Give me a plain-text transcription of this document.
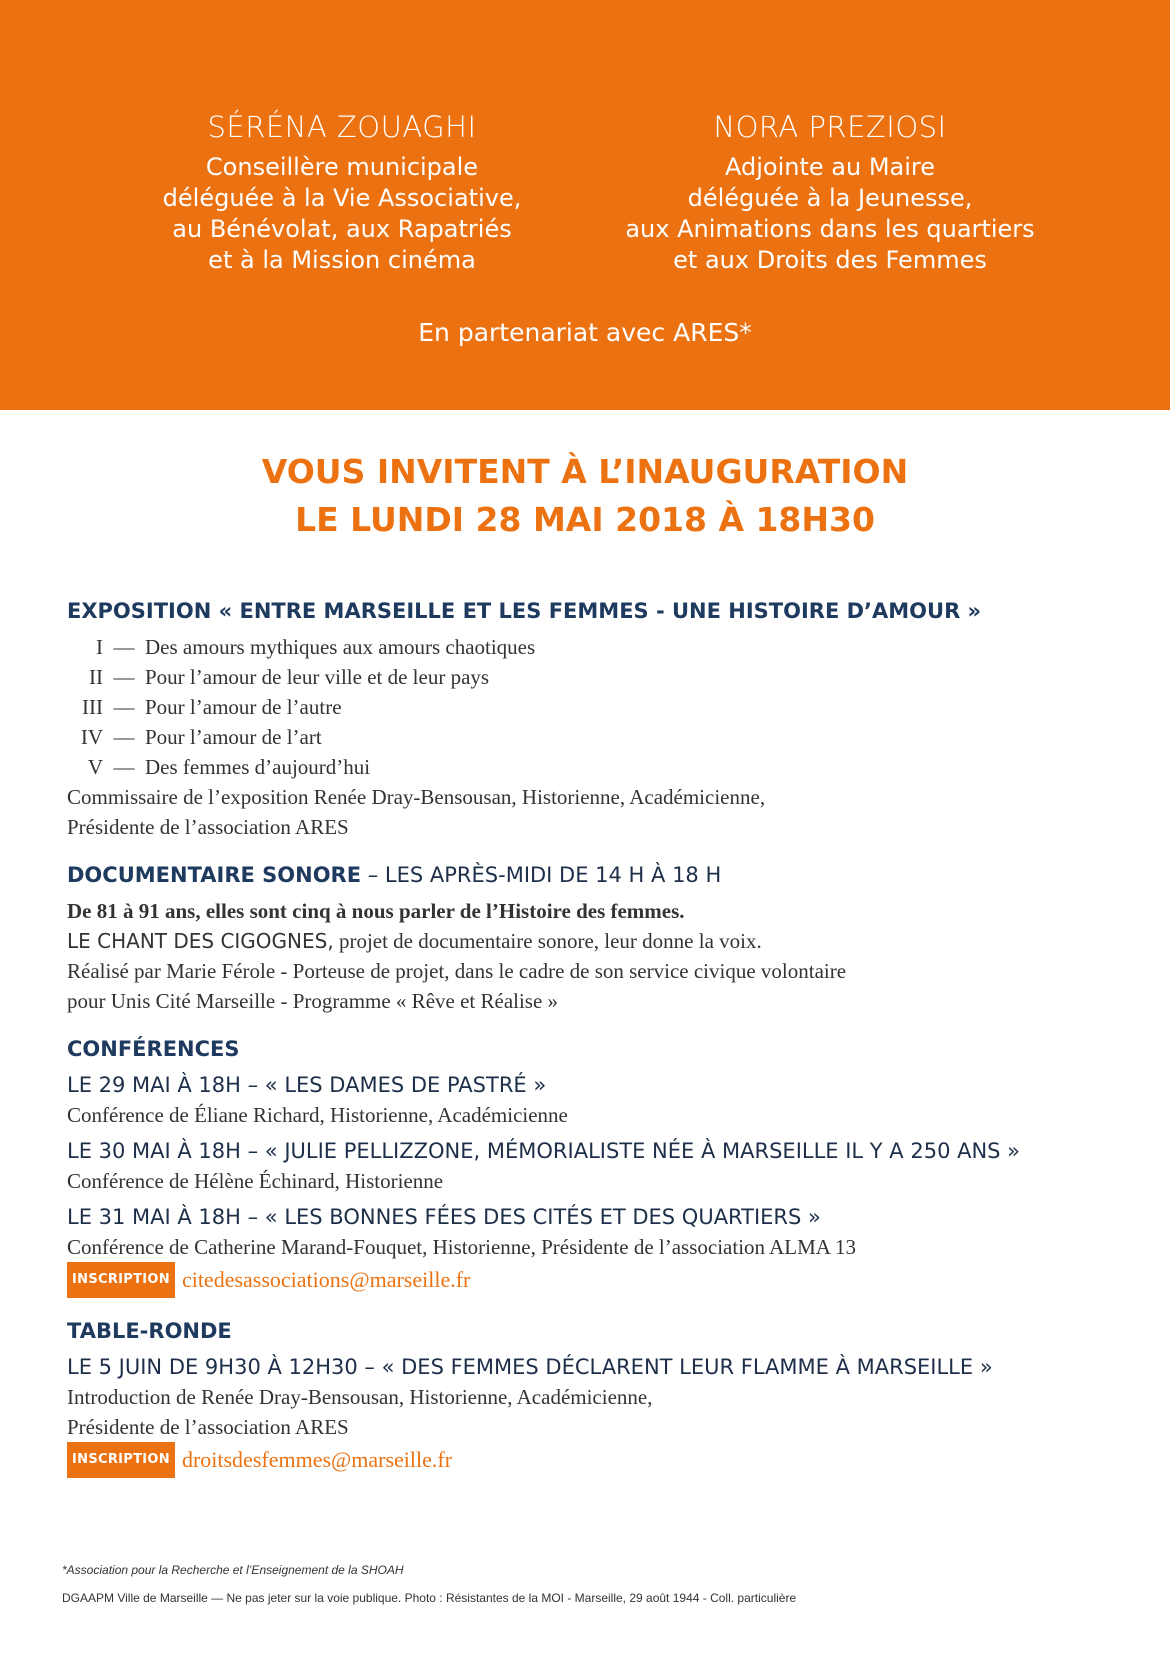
SÉRÉNA ZOUAGHI
Conseillère municipale
déléguée à la Vie Associative,
au Bénévolat, aux Rapatriés
et à la Mission cinéma
NORA PREZIOSI
Adjointe au Maire
déléguée à la Jeunesse,
aux Animations dans les quartiers
et aux Droits des Femmes
En partenariat avec ARES*
VOUS INVITENT À L’INAUGURATION
LE LUNDI 28 MAI 2018 À 18H30
EXPOSITION « ENTRE MARSEILLE ET LES FEMMES - UNE HISTOIRE D’AMOUR »
I — Des amours mythiques aux amours chaotiques
II — Pour l’amour de leur ville et de leur pays
III — Pour l’amour de l’autre
IV — Pour l’amour de l’art
V — Des femmes d’aujourd’hui
Commissaire de l’exposition Renée Dray-Bensousan, Historienne, Académicienne,
Présidente de l’association ARES
DOCUMENTAIRE SONORE – LES APRÈS-MIDI DE 14 H À 18 H
De 81 à 91 ans, elles sont cinq à nous parler de l’Histoire des femmes.
LE CHANT DES CIGOGNES, projet de documentaire sonore, leur donne la voix.
Réalisé par Marie Férole - Porteuse de projet, dans le cadre de son service civique volontaire
pour Unis Cité Marseille - Programme « Rêve et Réalise »
CONFÉRENCES
LE 29 MAI À 18H – « LES DAMES DE PASTRÉ »
Conférence de Éliane Richard, Historienne, Académicienne
LE 30 MAI À 18H – « JULIE PELLIZZONE, MÉMORIALISTE NÉE À MARSEILLE IL Y A 250 ANS »
Conférence de Hélène Échinard, Historienne
LE 31 MAI À 18H – « LES BONNES FÉES DES CITÉS ET DES QUARTIERS »
Conférence de Catherine Marand-Fouquet, Historienne, Présidente de l’association ALMA 13
INSCRIPTION citedesassociations@marseille.fr
TABLE-RONDE
LE 5 JUIN DE 9H30 À 12H30 – « DES FEMMES DÉCLARENT LEUR FLAMME À MARSEILLE »
Introduction de Renée Dray-Bensousan, Historienne, Académicienne,
Présidente de l’association ARES
INSCRIPTION droitsdesfemmes@marseille.fr
*Association pour la Recherche et l’Enseignement de la SHOAH
DGAAPM Ville de Marseille — Ne pas jeter sur la voie publique. Photo : Résistantes de la MOI - Marseille, 29 août 1944 - Coll. particulière
